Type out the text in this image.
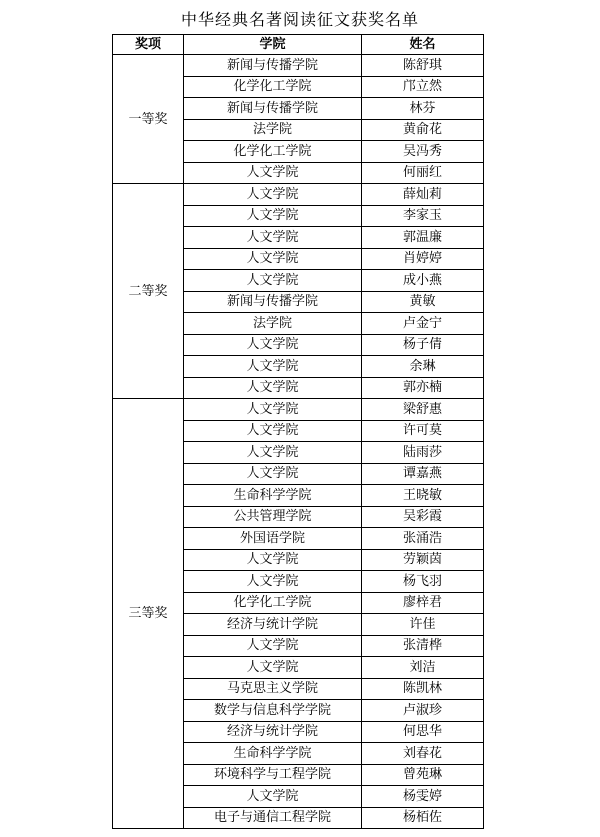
中华经典名著阅读征文获奖名单
奖项	学院	姓名
一等奖	新闻与传播学院	陈舒琪
	化学化工学院	邝立然
	新闻与传播学院	林芬
	法学院	黄俞花
	化学化工学院	吴冯秀
	人文学院	何丽红
二等奖	人文学院	薛灿莉
	人文学院	李家玉
	人文学院	郭温廉
	人文学院	肖婷婷
	人文学院	成小燕
	新闻与传播学院	黄敏
	法学院	卢金宁
	人文学院	杨子倩
	人文学院	余琳
	人文学院	郭亦楠
三等奖	人文学院	梁舒惠
	人文学院	许可莫
	人文学院	陆雨莎
	人文学院	谭嘉燕
	生命科学学院	王晓敏
	公共管理学院	吴彩霞
	外国语学院	张涌浩
	人文学院	劳颖茵
	人文学院	杨飞羽
	化学化工学院	廖梓君
	经济与统计学院	许佳
	人文学院	张清桦
	人文学院	刘洁
	马克思主义学院	陈凯林
	数学与信息科学学院	卢淑珍
	经济与统计学院	何思华
	生命科学学院	刘春花
	环境科学与工程学院	曾苑琳
	人文学院	杨雯婷
	电子与通信工程学院	杨栢佐
